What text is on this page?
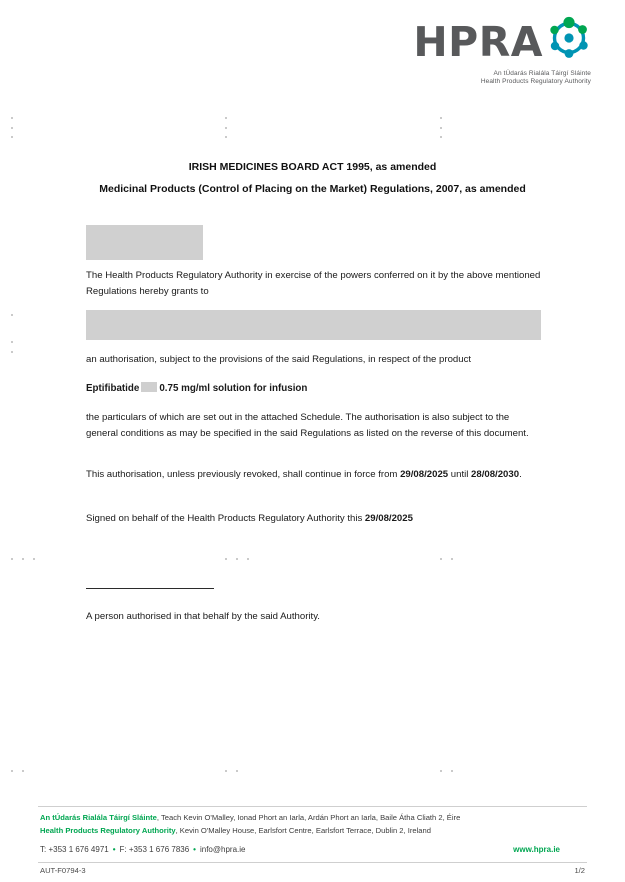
HPRA
An tÚdarás Rialála Táirgí Sláinte
Health Products Regulatory Authority
IRISH MEDICINES BOARD ACT 1995, as amended
Medicinal Products (Control of Placing on the Market) Regulations, 2007, as amended
The Health Products Regulatory Authority in exercise of the powers conferred on it by the above mentioned Regulations hereby grants to
an authorisation, subject to the provisions of the said Regulations, in respect of the product
Eptifibatide 0.75 mg/ml solution for infusion
the particulars of which are set out in the attached Schedule. The authorisation is also subject to the general conditions as may be specified in the said Regulations as listed on the reverse of this document.
This authorisation, unless previously revoked, shall continue in force from 29/08/2025 until 28/08/2030.
Signed on behalf of the Health Products Regulatory Authority this 29/08/2025
A person authorised in that behalf by the said Authority.
An tÚdarás Rialála Táirgí Sláinte, Teach Kevin O'Malley, Ionad Phort an Iarla, Ardán Phort an Iarla, Baile Átha Cliath 2, Éire
Health Products Regulatory Authority, Kevin O'Malley House, Earlsfort Centre, Earlsfort Terrace, Dublin 2, Ireland
T: +353 1 676 4971 • F: +353 1 676 7836 • info@hpra.ie	www.hpra.ie
AUT-F0794-3	1/2
